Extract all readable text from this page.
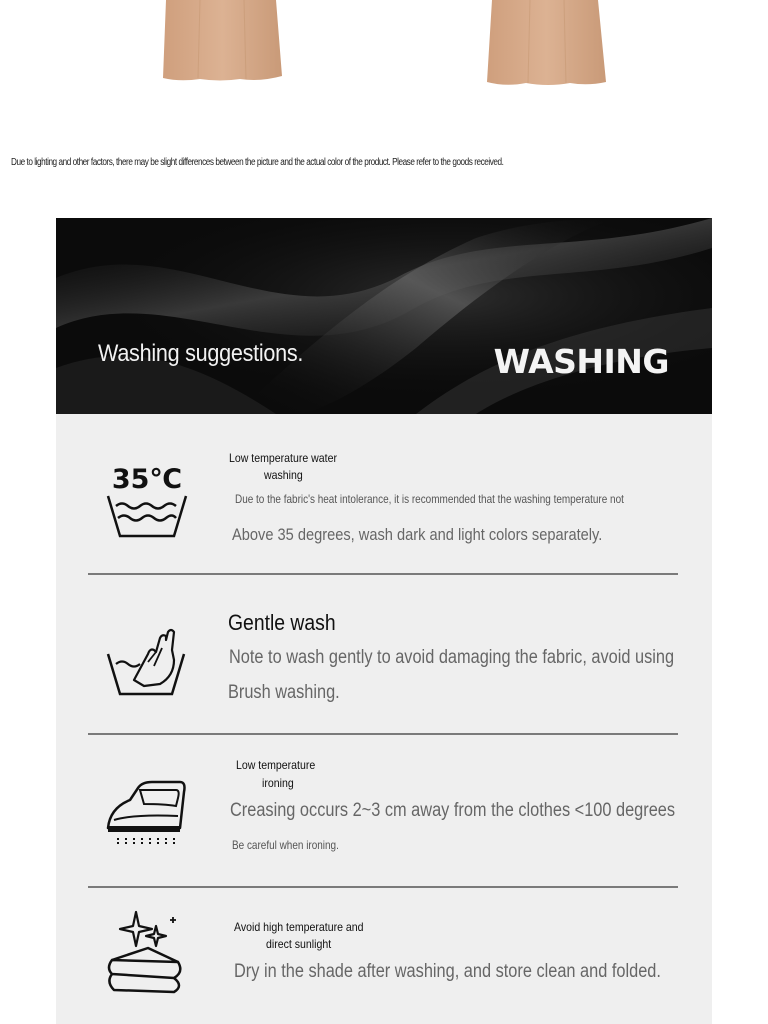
Due to lighting and other factors, there may be slight differences between the picture and the actual color of the product. Please refer to the goods received.
Washing suggestions.	WASHING
35℃
Low temperature water
washing
Due to the fabric's heat intolerance, it is recommended that the washing temperature not
Above 35 degrees, wash dark and light colors separately.
Gentle wash
Note to wash gently to avoid damaging the fabric, avoid using
Brush washing.
Low temperature
ironing
Creasing occurs 2~3 cm away from the clothes <100 degrees
Be careful when ironing.
Avoid high temperature and
direct sunlight
Dry in the shade after washing, and store clean and folded.
